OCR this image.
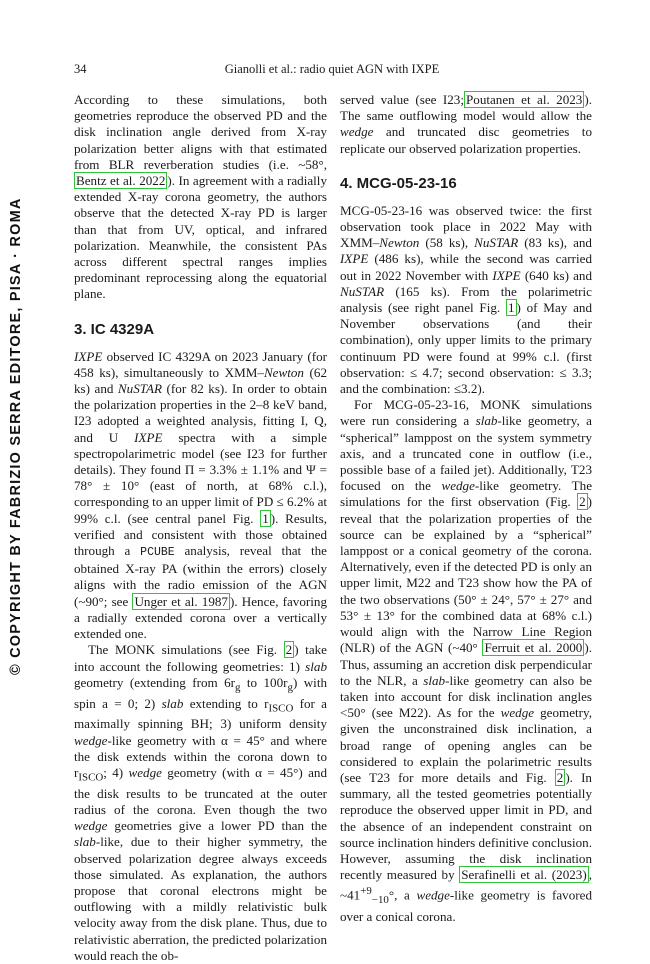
34	Gianolli et al.: radio quiet AGN with IXPE
© COPYRIGHT BY FABRIZIO SERRA EDITORE, PISA · ROMA

According to these simulations, both geometries reproduce the observed PD and the disk inclination angle derived from X-ray polarization better aligns with that estimated from BLR reverberation studies (i.e. ~58°, Bentz et al. 2022 ). In agreement with a radially extended X-ray corona geometry, the authors observe that the detected X-ray PD is larger than that from UV, optical, and infrared polarization. Meanwhile, the consistent PAs across different spectral ranges implies predominant reprocessing along the equatorial plane.

3. IC 4329A

IXPE observed IC 4329A on 2023 January (for 458 ks), simultaneously to XMM–Newton (62 ks) and NuSTAR (for 82 ks). In order to obtain the polarization properties in the 2–8 keV band, I23 adopted a weighted analysis, fitting I, Q, and U IXPE spectra with a simple spectropolarimetric model (see I23 for further details). They found Π = 3.3% ± 1.1% and Ψ = 78° ± 10° (east of north, at 68% c.l.), corresponding to an upper limit of PD ≤ 6.2% at 99% c.l. (see central panel Fig. 1 ). Results, verified and consistent with those obtained through a PCUBE analysis, reveal that the obtained X-ray PA (within the errors) closely aligns with the radio emission of the AGN (~90°; see Unger et al. 1987 ). Hence, favoring a radially extended corona over a vertically extended one.

The MONK simulations (see Fig. 2 ) take into account the following geometries: 1) slab geometry (extending from $6r_g$ to $100r_g$) with spin a = 0; 2) slab extending to $r_{ISCO}$ for a maximally spinning BH; 3) uniform density wedge-like geometry with α = 45° and where the disk extends within the corona down to $r_{ISCO}$; 4) wedge geometry (with α = 45°) and the disk results to be truncated at the outer radius of the corona. Even though the two wedge geometries give a lower PD than the slab-like, due to their higher symmetry, the observed polarization degree always exceeds those simulated. As explanation, the authors propose that coronal electrons might be outflowing with a mildly relativistic bulk velocity away from the disk plane. Thus, due to relativistic aberration, the predicted polarization would reach the ob-

served value (see I23; Poutanen et al. 2023 ). The same outflowing model would allow the wedge and truncated disc geometries to replicate our observed polarization properties.

4. MCG-05-23-16

MCG-05-23-16 was observed twice: the first observation took place in 2022 May with XMM–Newton (58 ks), NuSTAR (83 ks), and IXPE (486 ks), while the second was carried out in 2022 November with IXPE (640 ks) and NuSTAR (165 ks). From the polarimetric analysis (see right panel Fig. 1 ) of May and November observations (and their combination), only upper limits to the primary continuum PD were found at 99% c.l. (first observation: ≤ 4.7; second observation: ≤ 3.3; and the combination: ≤3.2).

For MCG-05-23-16, MONK simulations were run considering a slab-like geometry, a “spherical” lamppost on the system symmetry axis, and a truncated cone in outflow (i.e., possible base of a failed jet). Additionally, T23 focused on the wedge-like geometry. The simulations for the first observation (Fig. 2 ) reveal that the polarization properties of the source can be explained by a “spherical” lamppost or a conical geometry of the corona. Alternatively, even if the detected PD is only an upper limit, M22 and T23 show how the PA of the two observations (50° ± 24°, 57° ± 27° and 53° ± 13° for the combined data at 68% c.l.) would align with the Narrow Line Region (NLR) of the AGN (~40° Ferruit et al. 2000 ). Thus, assuming an accretion disk perpendicular to the NLR, a slab-like geometry can also be taken into account for disk inclination angles <50° (see M22). As for the wedge geometry, given the unconstrained disk inclination, a broad range of opening angles can be considered to explain the polarimetric results (see T23 for more details and Fig. 2 ). In summary, all the tested geometries potentially reproduce the observed upper limit in PD, and the absence of an independent constraint on source inclination hinders definitive conclusion. However, assuming the disk inclination recently measured by Serafinelli et al. (2023) , $\sim 41^{+9}_{-10}^\circ$, a wedge-like geometry is favored over a conical corona.
